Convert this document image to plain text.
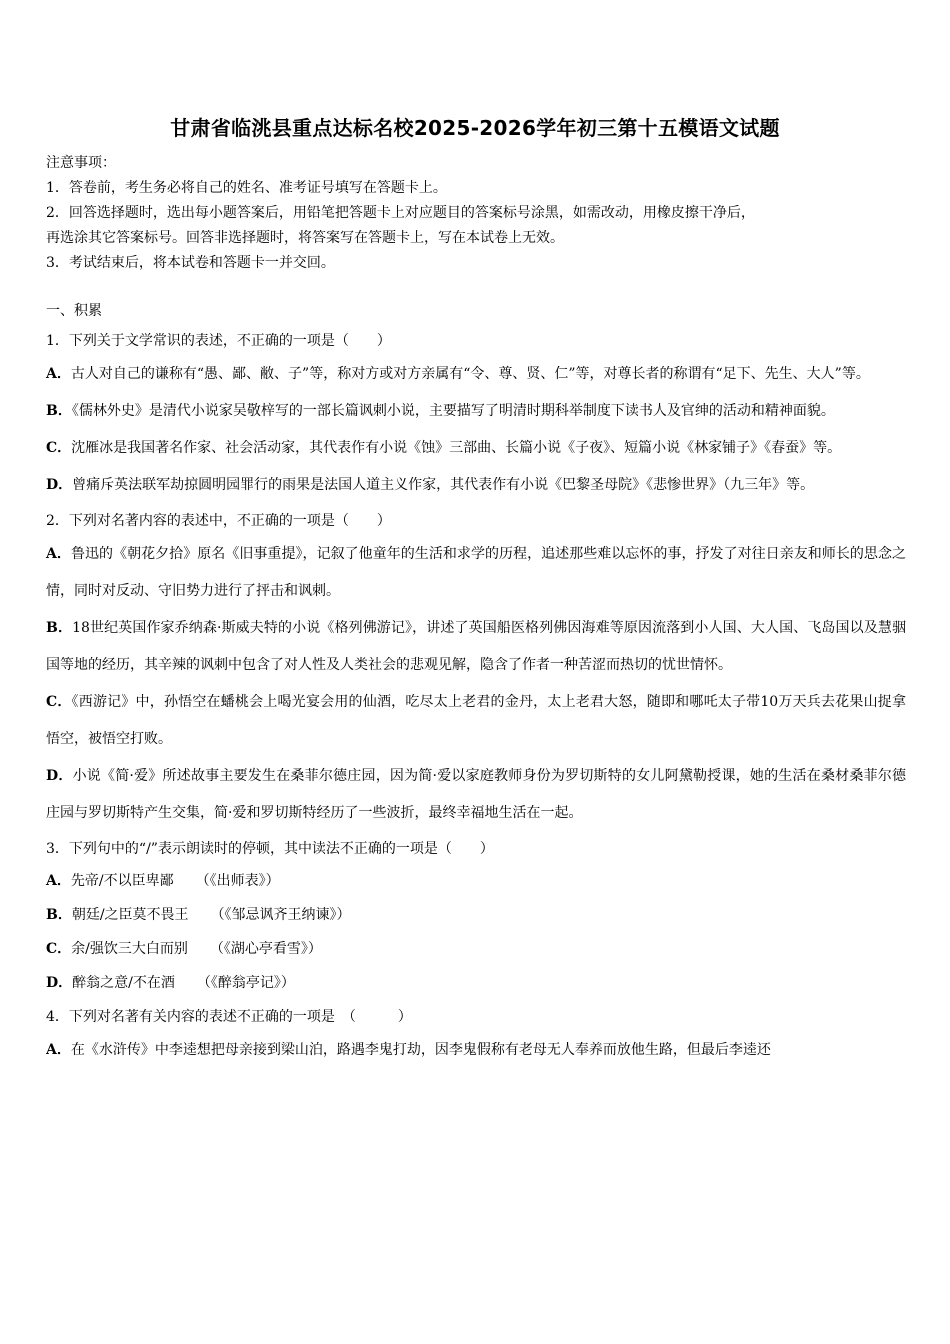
甘肃省临洮县重点达标名校2025-2026学年初三第十五模语文试题
注意事项：
1．答卷前，考生务必将自己的姓名、准考证号填写在答题卡上。
2．回答选择题时，选出每小题答案后，用铅笔把答题卡上对应题目的答案标号涂黑，如需改动，用橡皮擦干净后，
再选涂其它答案标号。回答非选择题时，将答案写在答题卡上，写在本试卷上无效。
3．考试结束后，将本试卷和答题卡一并交回。
一、积累
1．下列关于文学常识的表述，不正确的一项是（　　）
A．古人对自己的谦称有“愚、鄙、敝、子”等，称对方或对方亲属有“令、尊、贤、仁”等，对尊长者的称谓有“足下、先生、大人”等。
B．《儒林外史》是清代小说家吴敬梓写的一部长篇讽刺小说，主要描写了明清时期科举制度下读书人及官绅的活动和精神面貌。
C．沈雁冰是我国著名作家、社会活动家，其代表作有小说《蚀》三部曲、长篇小说《子夜》、短篇小说《林家铺子》《春蚕》等。
D．曾痛斥英法联军劫掠圆明园罪行的雨果是法国人道主义作家，其代表作有小说《巴黎圣母院》《悲惨世界》（九三年》等。
2．下列对名著内容的表述中，不正确的一项是（　　）
A．鲁迅的《朝花夕拾》原名《旧事重提》，记叙了他童年的生活和求学的历程，追述那些难以忘怀的事，抒发了对往日亲友和师长的思念之情，同时对反动、守旧势力进行了抨击和讽刺。
B．18世纪英国作家乔纳森·斯威夫特的小说《格列佛游记》，讲述了英国船医格列佛因海难等原因流落到小人国、大人国、飞岛国以及慧骃国等地的经历，其辛辣的讽刺中包含了对人性及人类社会的悲观见解，隐含了作者一种苦涩而热切的忧世情怀。
C．《西游记》中，孙悟空在蟠桃会上喝光宴会用的仙酒，吃尽太上老君的金丹，太上老君大怒，随即和哪吒太子带10万天兵去花果山捉拿悟空，被悟空打败。
D．小说《简·爱》所述故事主要发生在桑菲尔德庄园，因为简·爱以家庭教师身份为罗切斯特的女儿阿黛勒授课，她的生活在桑材桑菲尔德庄园与罗切斯特产生交集，简·爱和罗切斯特经历了一些波折，最终幸福地生活在一起。
3．下列句中的“/”表示朗读时的停顿，其中读法不正确的一项是（　　）
A．先帝/不以臣卑鄙 （《出师表》）
B．朝廷/之臣莫不畏王 （《邹忌讽齐王纳谏》）
C．余/强饮三大白而别 （《湖心亭看雪》）
D．醉翁之意/不在酒 （《醉翁亭记》）
4．下列对名著有关内容的表述不正确的一项是　（　　　）
A．在《水浒传》中李逵想把母亲接到梁山泊，路遇李鬼打劫，因李鬼假称有老母无人奉养而放他生路，但最后李逵还
